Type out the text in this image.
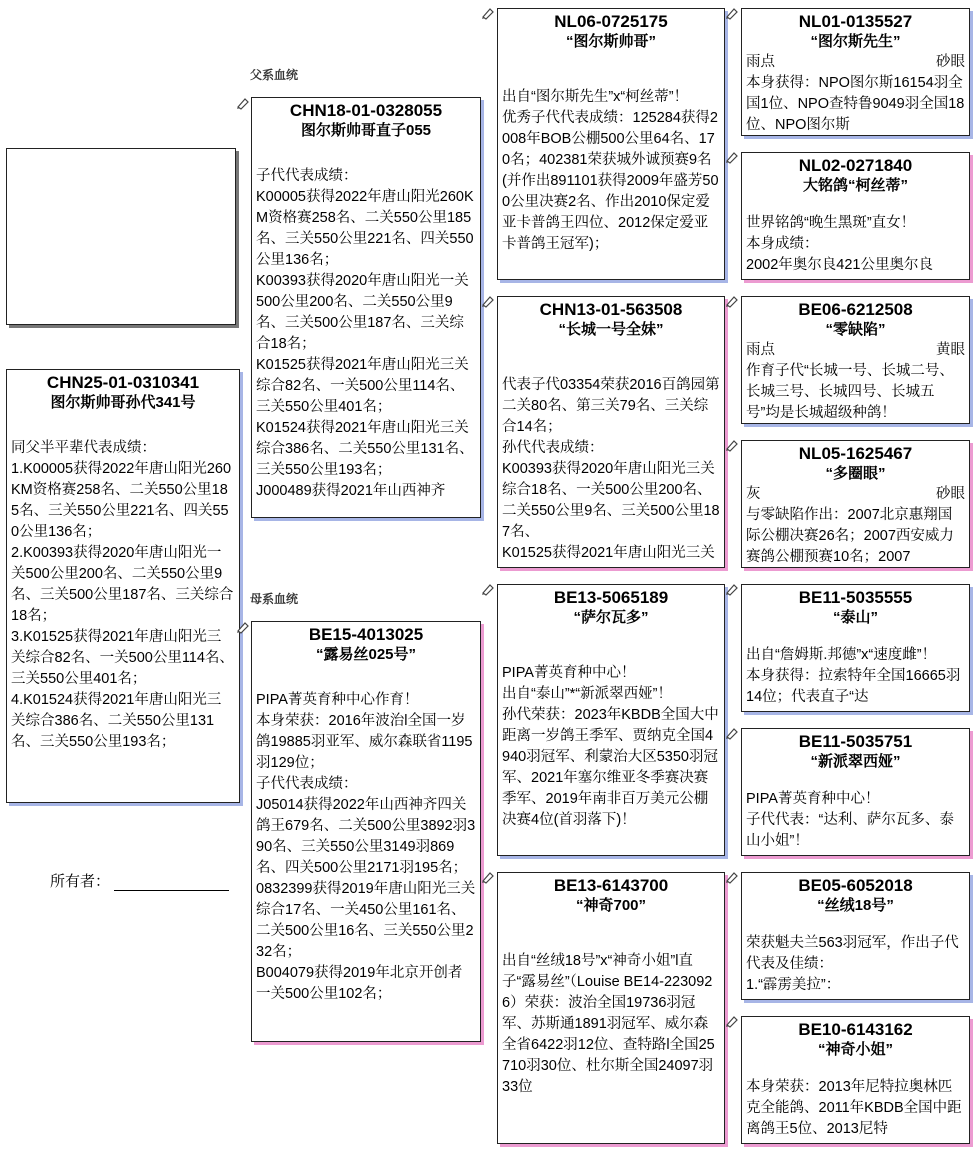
父系血统
母系血统
所有者：
CHN25-01-0310341
图尔斯帅哥孙代341号
同父半平辈代表成绩：
1.K00005获得2022年唐山阳光260KM资格赛258名、二关550公里185名、三关550公里221名、四关550公里136名；
2.K00393获得2020年唐山阳光一关500公里200名、二关550公里9名、三关500公里187名、三关综合18名；
3.K01525获得2021年唐山阳光三关综合82名、一关500公里114名、三关550公里401名；
4.K01524获得2021年唐山阳光三关综合386名、二关550公里131名、三关550公里193名；
CHN18-01-0328055
图尔斯帅哥直子055
子代代表成绩：
K00005获得2022年唐山阳光260KM资格赛258名、二关550公里185名、三关550公里221名、四关550公里136名；
K00393获得2020年唐山阳光一关500公里200名、二关550公里9名、三关500公里187名、三关综合18名；
K01525获得2021年唐山阳光三关综合82名、一关500公里114名、三关550公里401名；
K01524获得2021年唐山阳光三关综合386名、二关550公里131名、三关550公里193名；
J000489获得2021年山西神齐
BE15-4013025
“露易丝025号”
PIPA菁英育种中心作育！
本身荣获：2016年波治l全国一岁鸽19885羽亚军、威尔森联省1195羽129位；
子代代表成绩：
J05014获得2022年山西神齐四关鸽王679名、二关500公里3892羽390名、三关550公里3149羽869名、四关500公里2171羽195名；
0832399获得2019年唐山阳光三关综合17名、一关450公里161名、二关500公里16名、三关550公里232名；
B004079获得2019年北京开创者一关500公里102名；
NL06-0725175
“图尔斯帅哥”
出自“图尔斯先生”x“柯丝蒂”！
优秀子代代表成绩：125284获得2008年BOB公棚500公里64名、170名；402381荣获城外诚预赛9名(并作出891101获得2009年盛芳500公里决赛2名、作出2010保定爱亚卡普鸽王四位、2012保定爱亚卡普鸽王冠军)；
CHN13-01-563508
“长城一号全妹”
代表子代03354荣获2016百鸽园第二关80名、第三关79名、三关综合14名；
孙代代表成绩：
K00393获得2020年唐山阳光三关综合18名、一关500公里200名、二关550公里9名、三关500公里187名、
K01525获得2021年唐山阳光三关
BE13-5065189
“萨尔瓦多”
PIPA菁英育种中心！
出自“泰山”*“新派翠西娅”！
孙代荣获：2023年KBDB全国大中距离一岁鸽王季军、贾纳克全国4940羽冠军、利蒙治大区5350羽冠军、2021年塞尔维亚冬季赛决赛季军、2019年南非百万美元公棚决赛4位(首羽落下)！
BE13-6143700
“神奇700”
出自“丝绒18号”x“神奇小姐”l直子“露易丝”（Louise BE14-2230926）荣获：波治全国19736羽冠军、苏斯通1891羽冠军、威尔森全省6422羽12位、查特路l全国25710羽30位、杜尔斯全国24097羽33位
NL01-0135527
“图尔斯先生”
雨点	砂眼
本身获得：NPO图尔斯16154羽全国1位、NPO查特鲁9049羽全国18位、NPO图尔斯
NL02-0271840
大铭鸽“柯丝蒂”
世界铭鸽“晚生黑斑”直女！
本身成绩：
2002年奥尔良421公里奥尔良
BE06-6212508
“零缺陷”
雨点	黄眼
作育子代“长城一号、长城二号、长城三号、长城四号、长城五号”均是长城超级种鸽！
NL05-1625467
“多圈眼”
灰	砂眼
与零缺陷作出：2007北京惠翔国际公棚决赛26名；2007西安威力赛鸽公棚预赛10名；2007
BE11-5035555
“泰山”
出自“詹姆斯.邦德”x“速度雌”！
本身获得：拉索特年全国16665羽14位；代表直子“达
BE11-5035751
“新派翠西娅”
PIPA菁英育种中心！
子代代表：“达利、萨尔瓦多、泰山小姐”！
BE05-6052018
“丝绒18号”
荣获魁夫兰563羽冠军，作出子代代表及佳绩：
1.“霹雳美拉”：
BE10-6143162
“神奇小姐”
本身荣获：2013年尼特拉奥林匹克全能鸽、2011年KBDB全国中距离鸽王5位、2013尼特
